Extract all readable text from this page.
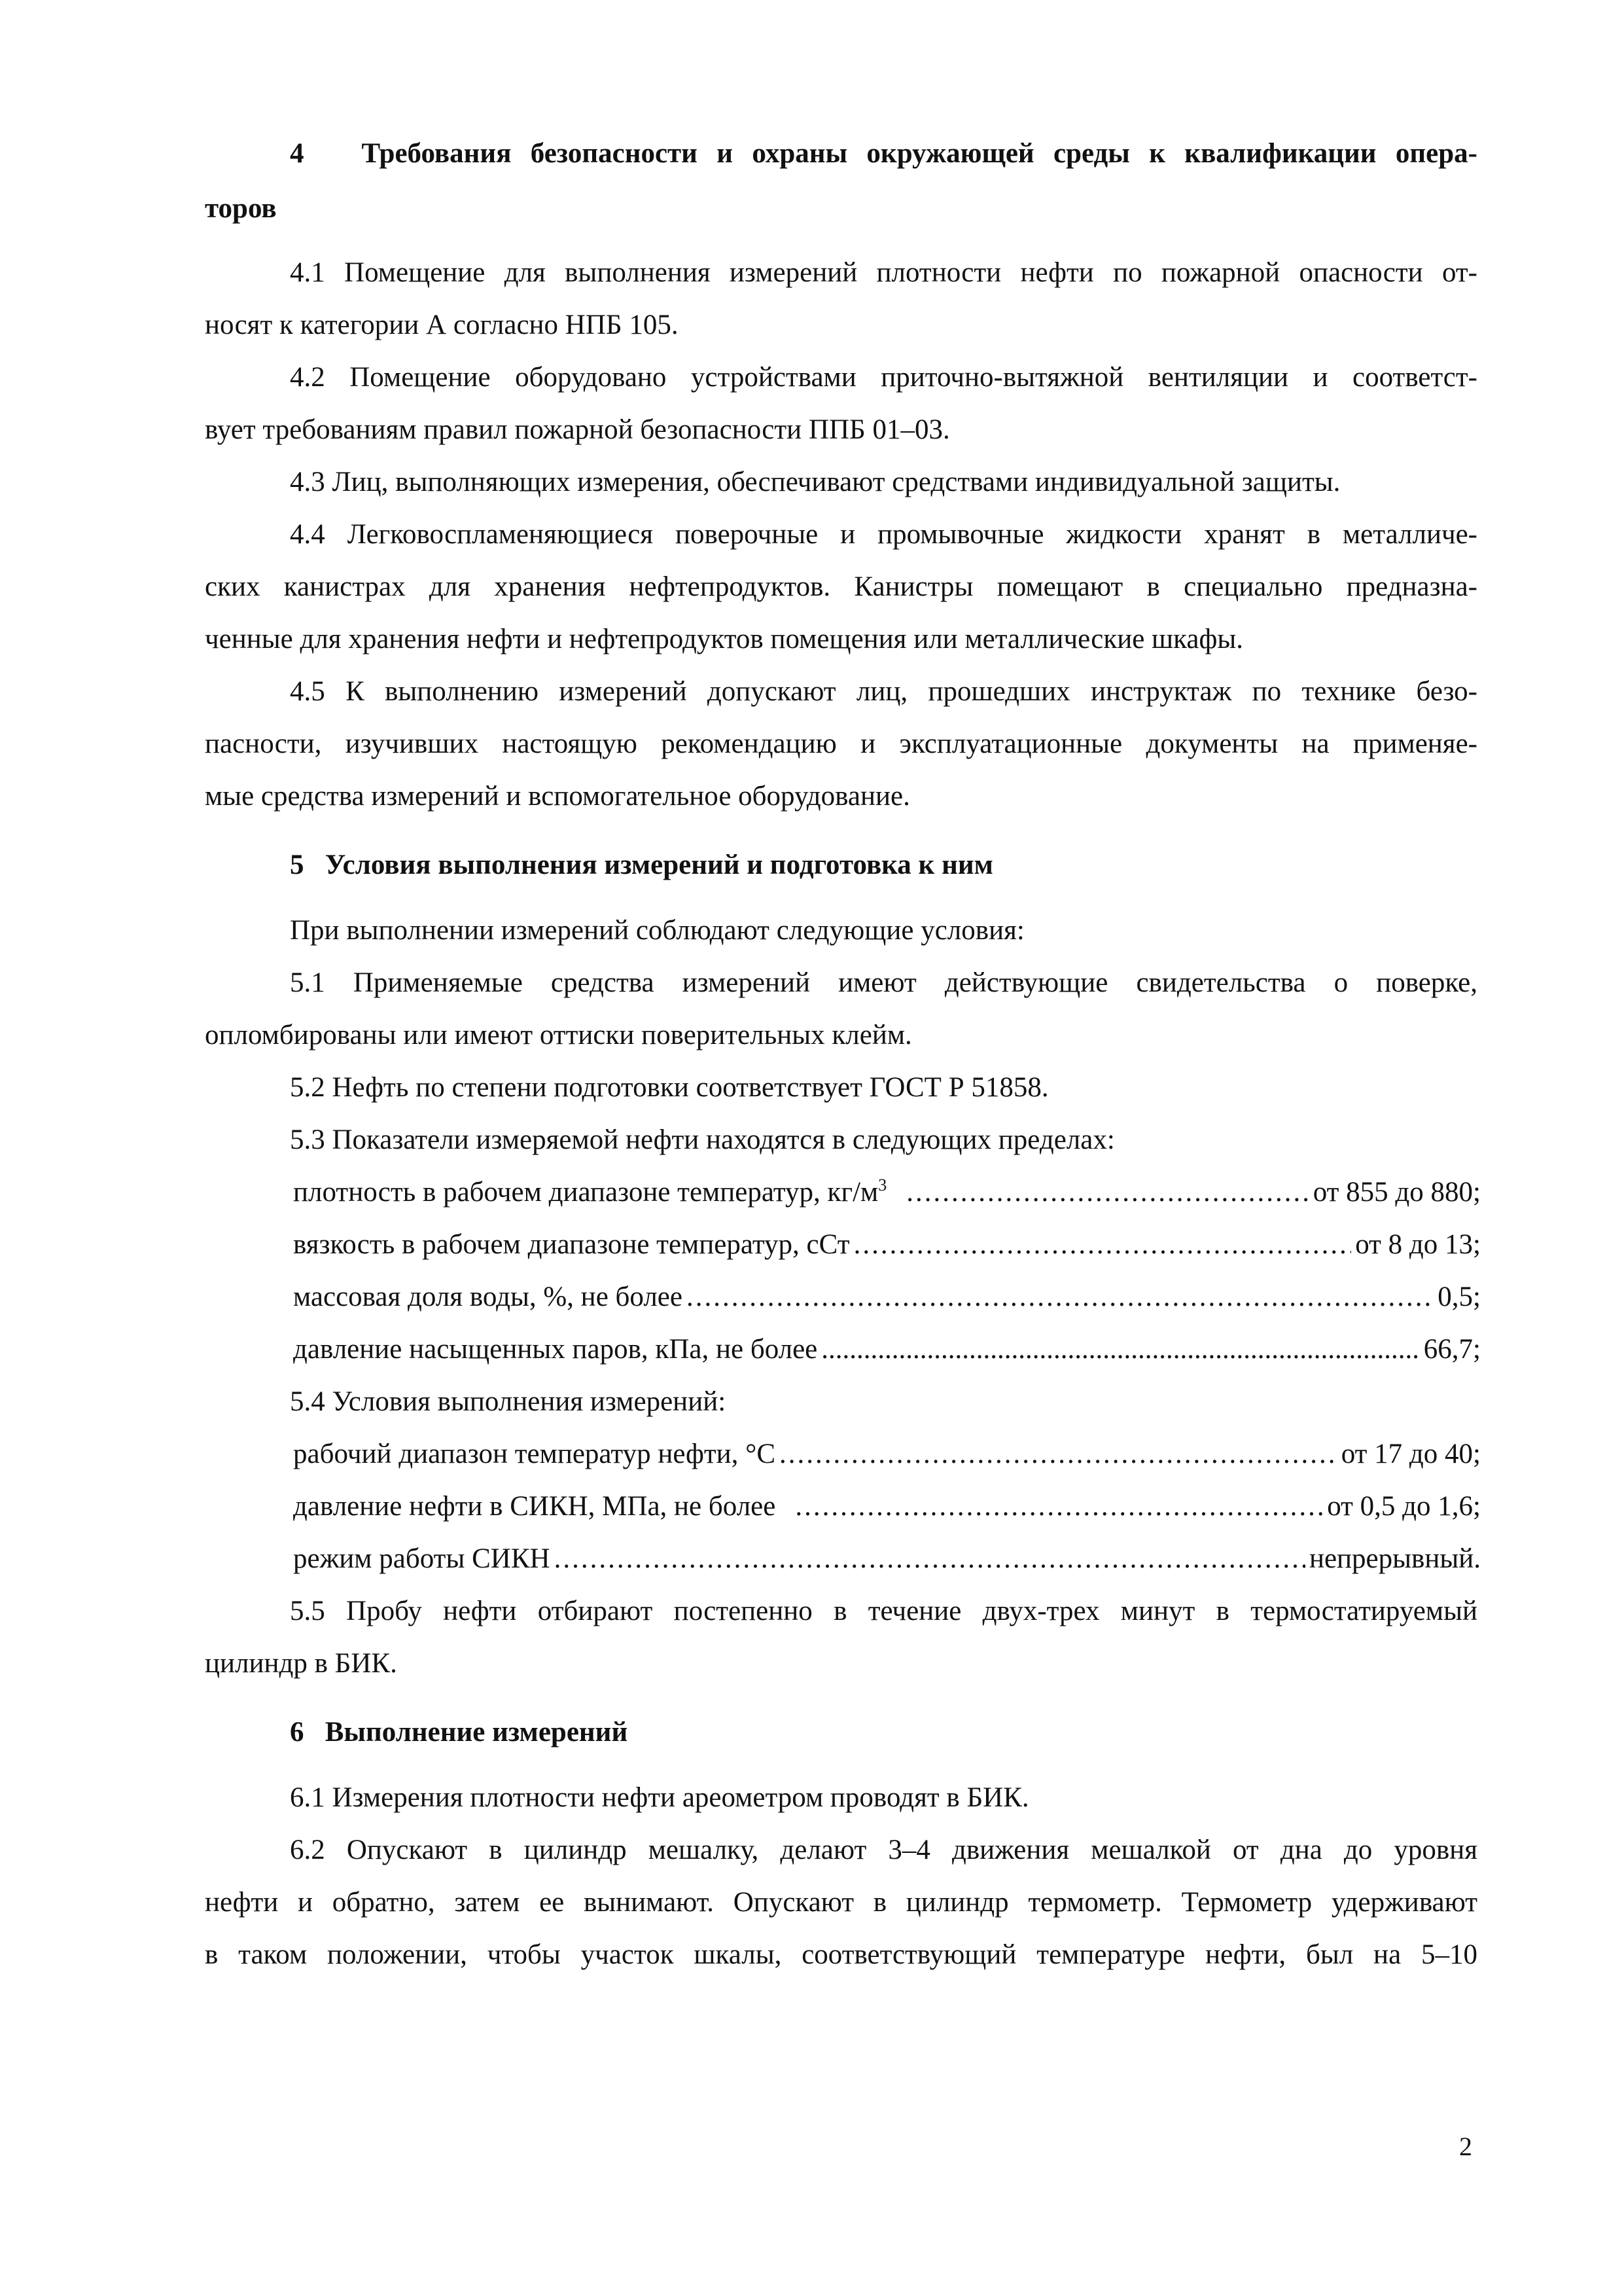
4 Требования безопасности и охраны окружающей среды к квалификации опера-
торов
4.1 Помещение для выполнения измерений плотности нефти по пожарной опасности от-
носят к категории А согласно НПБ 105.
4.2 Помещение оборудовано устройствами приточно-вытяжной вентиляции и соответст-
вует требованиям правил пожарной безопасности ППБ 01–03.
4.3 Лиц, выполняющих измерения, обеспечивают средствами индивидуальной защиты.
4.4 Легковоспламеняющиеся поверочные и промывочные жидкости хранят в металличе-
ских канистрах для хранения нефтепродуктов. Канистры помещают в специально предназна-
ченные для хранения нефти и нефтепродуктов помещения или металлические шкафы.
4.5 К выполнению измерений допускают лиц, прошедших инструктаж по технике безо-
пасности, изучивших настоящую рекомендацию и эксплуатационные документы на применяе-
мые средства измерений и вспомогательное оборудование.
5 Условия выполнения измерений и подготовка к ним
При выполнении измерений соблюдают следующие условия:
5.1 Применяемые средства измерений имеют действующие свидетельства о поверке,
опломбированы или имеют оттиски поверительных клейм.
5.2 Нефть по степени подготовки соответствует ГОСТ Р 51858.
5.3 Показатели измеряемой нефти находятся в следующих пределах:
плотность в рабочем диапазоне температур, $кг/м^3$ .....	от 855 до 880;
вязкость в рабочем диапазоне температур, сСт .....	от 8 до 13;
массовая доля воды, %, не более .....	0,5;
давление насыщенных паров, кПа, не более .....	66,7;
5.4 Условия выполнения измерений:
рабочий диапазон температур нефти, °С .....	от 17 до 40;
давление нефти в СИКН, МПа, не более .....	от 0,5 до 1,6;
режим работы СИКН .....	непрерывный.
5.5 Пробу нефти отбирают постепенно в течение двух-трех минут в термостатируемый
цилиндр в БИК.
6 Выполнение измерений
6.1 Измерения плотности нефти ареометром проводят в БИК.
6.2 Опускают в цилиндр мешалку, делают 3–4 движения мешалкой от дна до уровня
нефти и обратно, затем ее вынимают. Опускают в цилиндр термометр. Термометр удерживают
в таком положении, чтобы участок шкалы, соответствующий температуре нефти, был на 5–10
2
